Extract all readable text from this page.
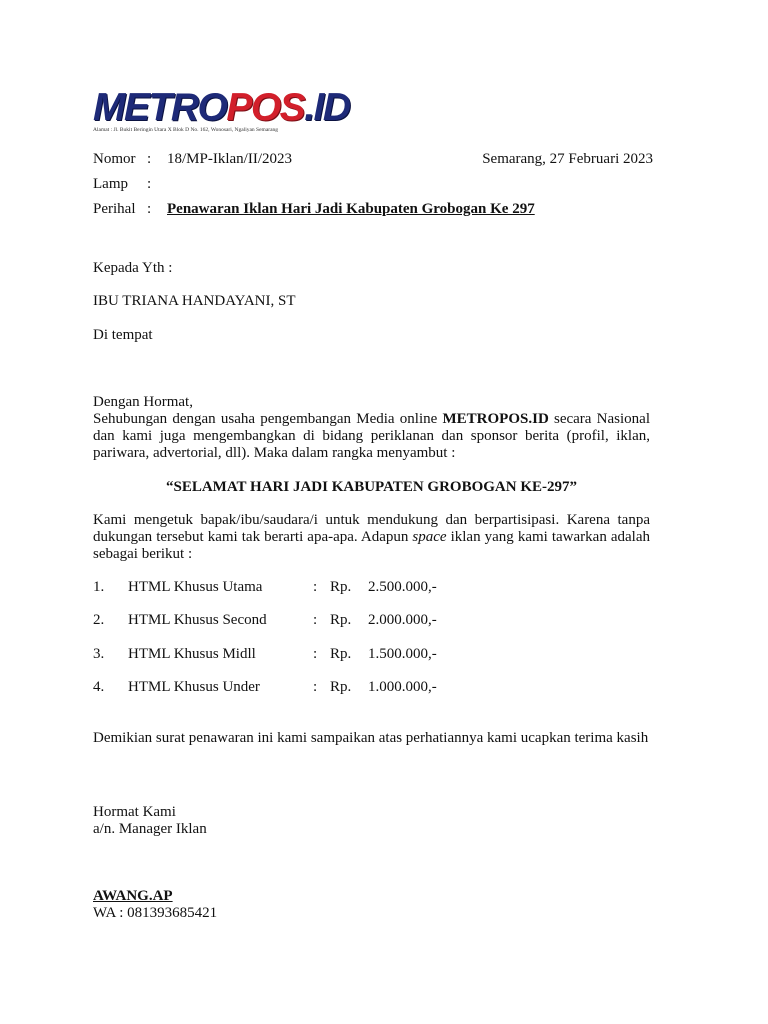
METROPOS.ID
Alamat : Jl. Bukit Beringin Utara X Blok D No. 162, Wonosari, Ngaliyan Semarang
Nomor : 18/MP-Iklan/II/2023	Semarang, 27 Februari 2023
Lamp :
Perihal : Penawaran Iklan Hari Jadi Kabupaten Grobogan Ke 297
Kepada Yth :
IBU TRIANA HANDAYANI, ST
Di tempat
Dengan Hormat,
Sehubungan dengan usaha pengembangan Media online METROPOS.ID secara Nasional dan kami juga mengembangkan di bidang periklanan dan sponsor berita (profil, iklan, pariwara, advertorial, dll). Maka dalam rangka menyambut :
“SELAMAT HARI JADI KABUPATEN GROBOGAN KE-297”
Kami mengetuk bapak/ibu/saudara/i untuk mendukung dan berpartisipasi. Karena tanpa dukungan tersebut kami tak berarti apa-apa. Adapun space iklan yang kami tawarkan adalah sebagai berikut :
1. HTML Khusus Utama	: Rp. 2.500.000,-
2. HTML Khusus Second	: Rp. 2.000.000,-
3. HTML Khusus Midll	: Rp. 1.500.000,-
4. HTML Khusus Under	: Rp. 1.000.000,-
Demikian surat penawaran ini kami sampaikan atas perhatiannya kami ucapkan terima kasih
Hormat Kami
a/n. Manager Iklan
AWANG.AP
WA : 081393685421
